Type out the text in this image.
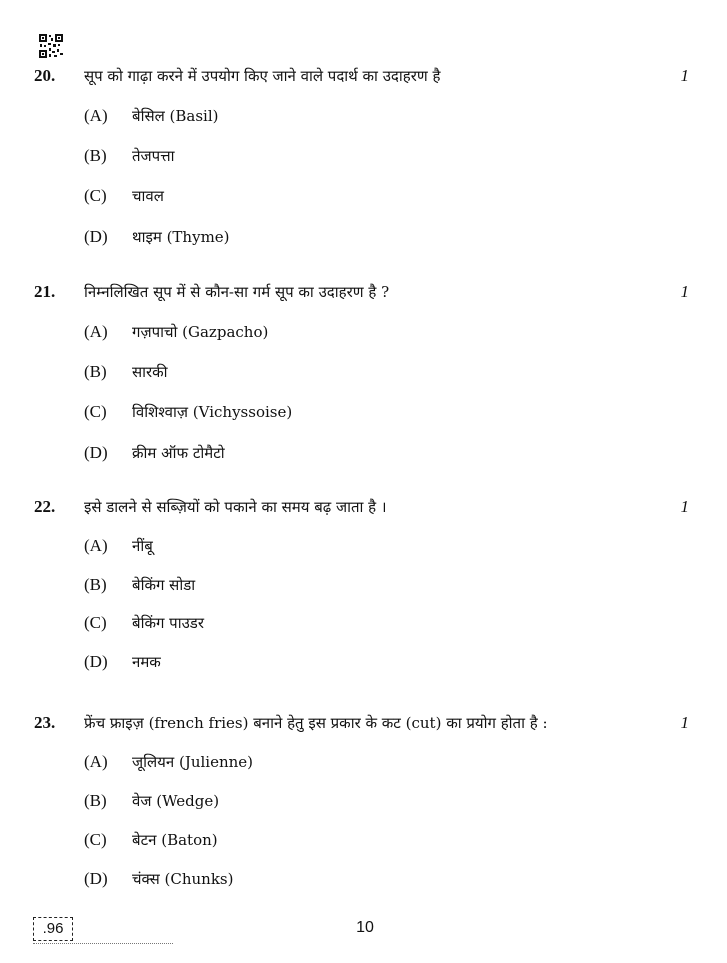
20. सूप को गाढ़ा करने में उपयोग किए जाने वाले पदार्थ का उदाहरण है	1
(A) बेसिल (Basil)
(B) तेजपत्ता
(C) चावल
(D) थाइम (Thyme)
21. निम्नलिखित सूप में से कौन-सा गर्म सूप का उदाहरण है ?	1
(A) गज़पाचो (Gazpacho)
(B) सारकी
(C) विशिश्वाज़ (Vichyssoise)
(D) क्रीम ऑफ टोमैटो
22. इसे डालने से सब्ज़ियों को पकाने का समय बढ़ जाता है ।	1
(A) नींबू
(B) बेकिंग सोडा
(C) बेकिंग पाउडर
(D) नमक
23. फ्रेंच फ्राइज़ (french fries) बनाने हेतु इस प्रकार के कट (cut) का प्रयोग होता है :	1
(A) जूलियन (Julienne)
(B) वेज (Wedge)
(C) बेटन (Baton)
(D) चंक्स (Chunks)
.96	10
